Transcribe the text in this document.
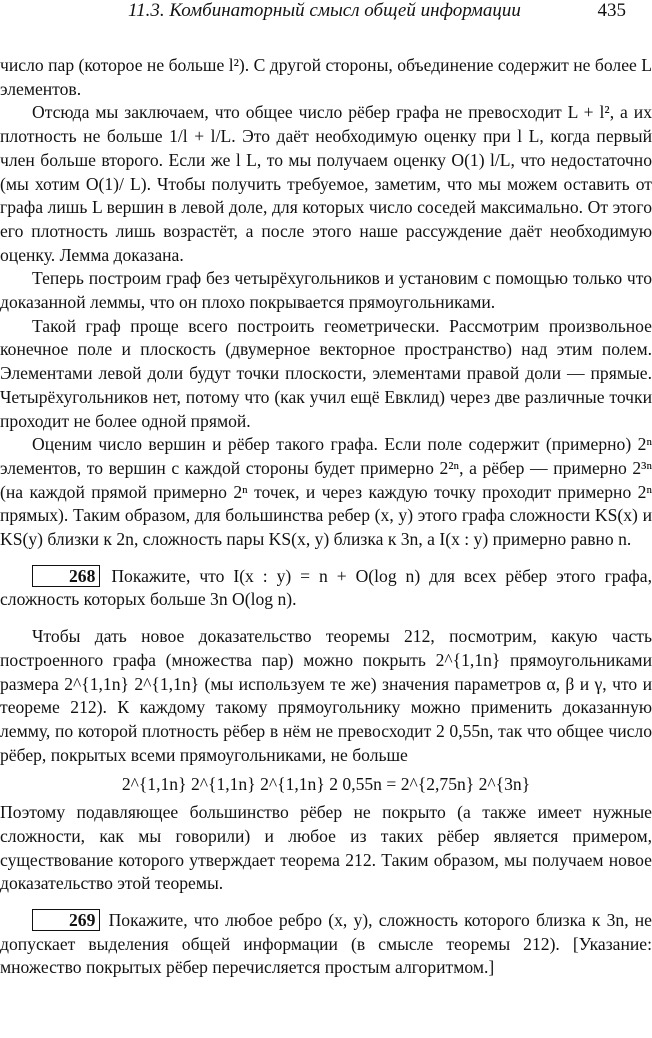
11.3. Комбинаторный смысл общей информации	435

число пар (которое не больше l²). С другой стороны, объединение содержит не более L элементов.

Отсюда мы заключаем, что общее число рёбер графа не превосходит L + l², а их плотность не больше 1/l + l/L. Это даёт необходимую оценку при l L, когда первый член больше второго. Если же l L, то мы получаем оценку O(1) l/L, что недостаточно (мы хотим O(1)/ L). Чтобы получить требуемое, заметим, что мы можем оставить от графа лишь L вершин в левой доле, для которых число соседей максимально. От этого его плотность лишь возрастёт, а после этого наше рассуждение даёт необходимую оценку. Лемма доказана.

Теперь построим граф без четырёхугольников и установим с помощью только что доказанной леммы, что он плохо покрывается прямоугольниками.

Такой граф проще всего построить геометрически. Рассмотрим произвольное конечное поле и плоскость (двумерное векторное пространство) над этим полем. Элементами левой доли будут точки плоскости, элементами правой доли — прямые. Четырёхугольников нет, потому что (как учил ещё Евклид) через две различные точки проходит не более одной прямой.

Оценим число вершин и рёбер такого графа. Если поле содержит (примерно) 2ⁿ элементов, то вершин с каждой стороны будет примерно 2²ⁿ, а рёбер — примерно 2³ⁿ (на каждой прямой примерно 2ⁿ точек, и через каждую точку проходит примерно 2ⁿ прямых). Таким образом, для большинства ребер (x, y) этого графа сложности KS(x) и KS(y) близки к 2n, сложность пары KS(x, y) близка к 3n, а I(x : y) примерно равно n.

268 Покажите, что I(x : y) = n + O(log n) для всех рёбер этого графа, сложность которых больше 3n O(log n).

Чтобы дать новое доказательство теоремы 212, посмотрим, какую часть построенного графа (множества пар) можно покрыть 2^{1,1n} прямоугольниками размера 2^{1,1n} 2^{1,1n} (мы используем те же) значения параметров α, β и γ, что и теореме 212). К каждому такому прямоугольнику можно применить доказанную лемму, по которой плотность рёбер в нём не превосходит 2 0,55n, так что общее число рёбер, покрытых всеми прямоугольниками, не больше

2^{1,1n} 2^{1,1n} 2^{1,1n} 2 0,55n = 2^{2,75n} 2^{3n}

Поэтому подавляющее большинство рёбер не покрыто (а также имеет нужные сложности, как мы говорили) и любое из таких рёбер является примером, существование которого утверждает теорема 212. Таким образом, мы получаем новое доказательство этой теоремы.

269 Покажите, что любое ребро (x, y), сложность которого близка к 3n, не допускает выделения общей информации (в смысле теоремы 212). [Указание: множество покрытых рёбер перечисляется простым алгоритмом.]
